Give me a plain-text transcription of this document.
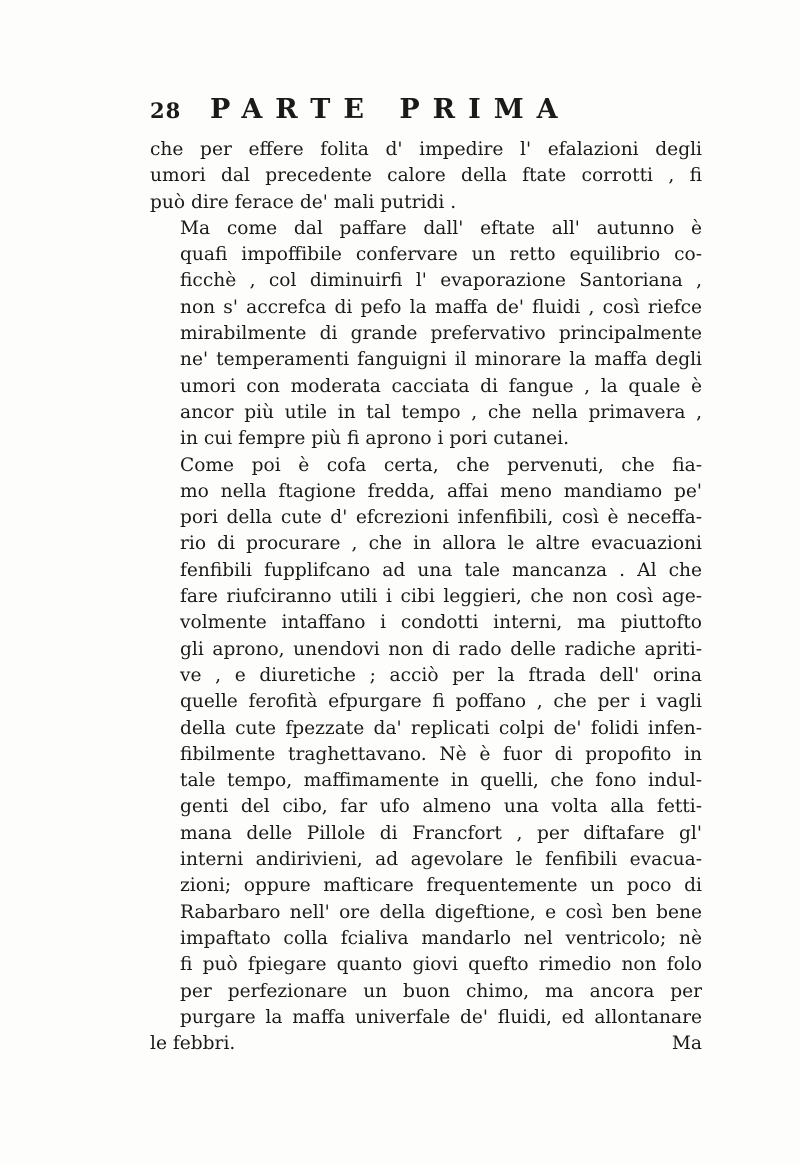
28 PARTE PRIMA

che per effere folita d' impedire l' efalazioni degli
umori dal precedente calore della ftate corrotti , fi
può dire ferace de' mali putridi .

Ma come dal paffare dall' eftate all' autunno è
quafi impoffibile confervare un retto equilibrio co-
ficchè , col diminuirfi l' evaporazione Santoriana ,
non s' accrefca di pefo la maffa de' fluidi , così riefce
mirabilmente di grande prefervativo principalmente
ne' temperamenti fanguigni il minorare la maffa degli
umori con moderata cacciata di fangue , la quale è
ancor più utile in tal tempo , che nella primavera ,
in cui fempre più fi aprono i pori cutanei.

Come poi è cofa certa, che pervenuti, che fia-
mo nella ftagione fredda, affai meno mandiamo pe'
pori della cute d' efcrezioni infenfibili, così è neceffa-
rio di procurare , che in allora le altre evacuazioni
fenfibili fupplifcano ad una tale mancanza . Al che
fare riufciranno utili i cibi leggieri, che non così age-
volmente intaffano i condotti interni, ma piuttofto
gli aprono, unendovi non di rado delle radiche apriti-
ve , e diuretiche ; acciò per la ftrada dell' orina
quelle ferofità efpurgare fi poffano , che per i vagli
della cute fpezzate da' replicati colpi de' folidi infen-
fibilmente traghettavano. Nè è fuor di propofito in
tale tempo, maffimamente in quelli, che fono indul-
genti del cibo, far ufo almeno una volta alla fetti-
mana delle Pillole di Francfort , per diftafare gl'
interni andirivieni, ad agevolare le fenfibili evacua-
zioni; oppure mafticare frequentemente un poco di
Rabarbaro nell' ore della digeftione, e così ben bene
impaftato colla fcialiva mandarlo nel ventricolo; nè
fi può fpiegare quanto giovi quefto rimedio non folo
per perfezionare un buon chimo, ma ancora per
purgare la maffa univerfale de' fluidi, ed allontanare

le febbri.	Ma
